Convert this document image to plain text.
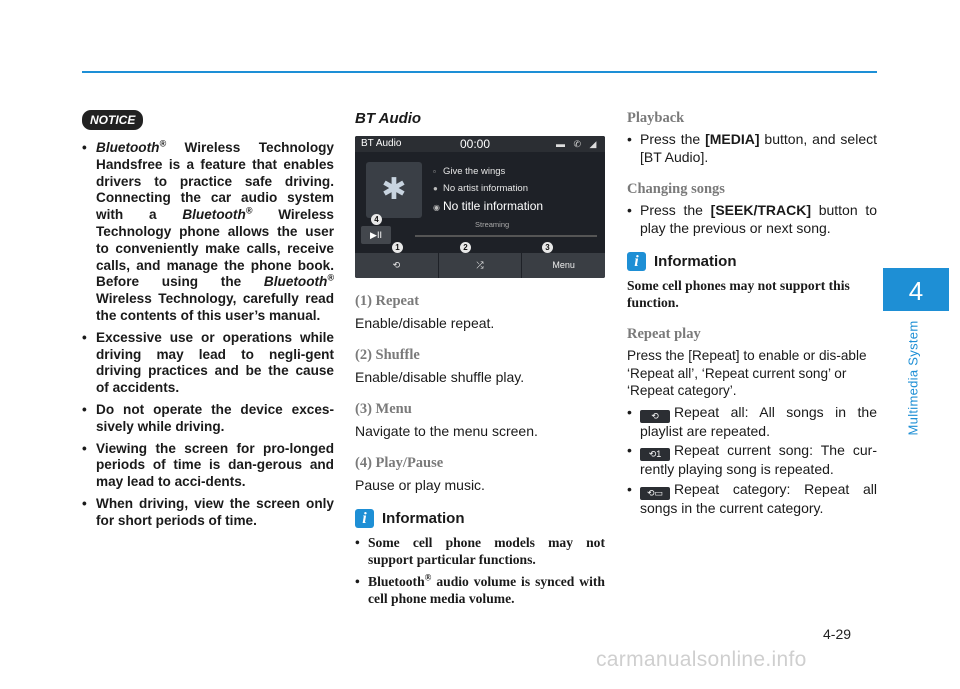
4
Multimedia System
NOTICE
• Bluetooth® Wireless Technology Handsfree is a feature that enables drivers to practice safe driving. Connecting the car audio system with a Bluetooth® Wireless Technology phone allows the user to conveniently make calls, receive calls, and manage the phone book. Before using the Bluetooth® Wireless Technology, carefully read the contents of this user’s manual.
• Excessive use or operations while driving may lead to negli-gent driving practices and be the cause of accidents.
• Do not operate the device exces-sively while driving.
• Viewing the screen for pro-longed periods of time is dan-gerous and may lead to acci-dents.
• When driving, view the screen only for short periods of time.
BT Audio
BT Audio	00:00	▬ ✆ ◢
✱
▫ Give the wings
● No artist information
◉ No title information
Streaming
▶II
4
1	2	3
⟲	⤮	Menu
(1) Repeat

Enable/disable repeat.

(2) Shuffle

Enable/disable shuffle play.

(3) Menu

Navigate to the menu screen.

(4) Play/Pause

Pause or play music.

i	Information
• Some cell phone models may not support particular functions.
• Bluetooth® audio volume is synced with cell phone media volume.
Playback
• Press the [MEDIA] button, and select [BT Audio].
Changing songs
• Press the [SEEK/TRACK] button to play the previous or next song.
i	Information

Some cell phones may not support this function.

Repeat play

Press the [Repeat] to enable or dis-able ‘Repeat all’, ‘Repeat current song’ or ‘Repeat category’.

• ⟲ Repeat all: All songs in the playlist are repeated.
• ⟲1 Repeat current song: The cur-rently playing song is repeated.
• ⟲▭ Repeat category: Repeat all songs in the current category.
4-29
carmanualsonline.info
